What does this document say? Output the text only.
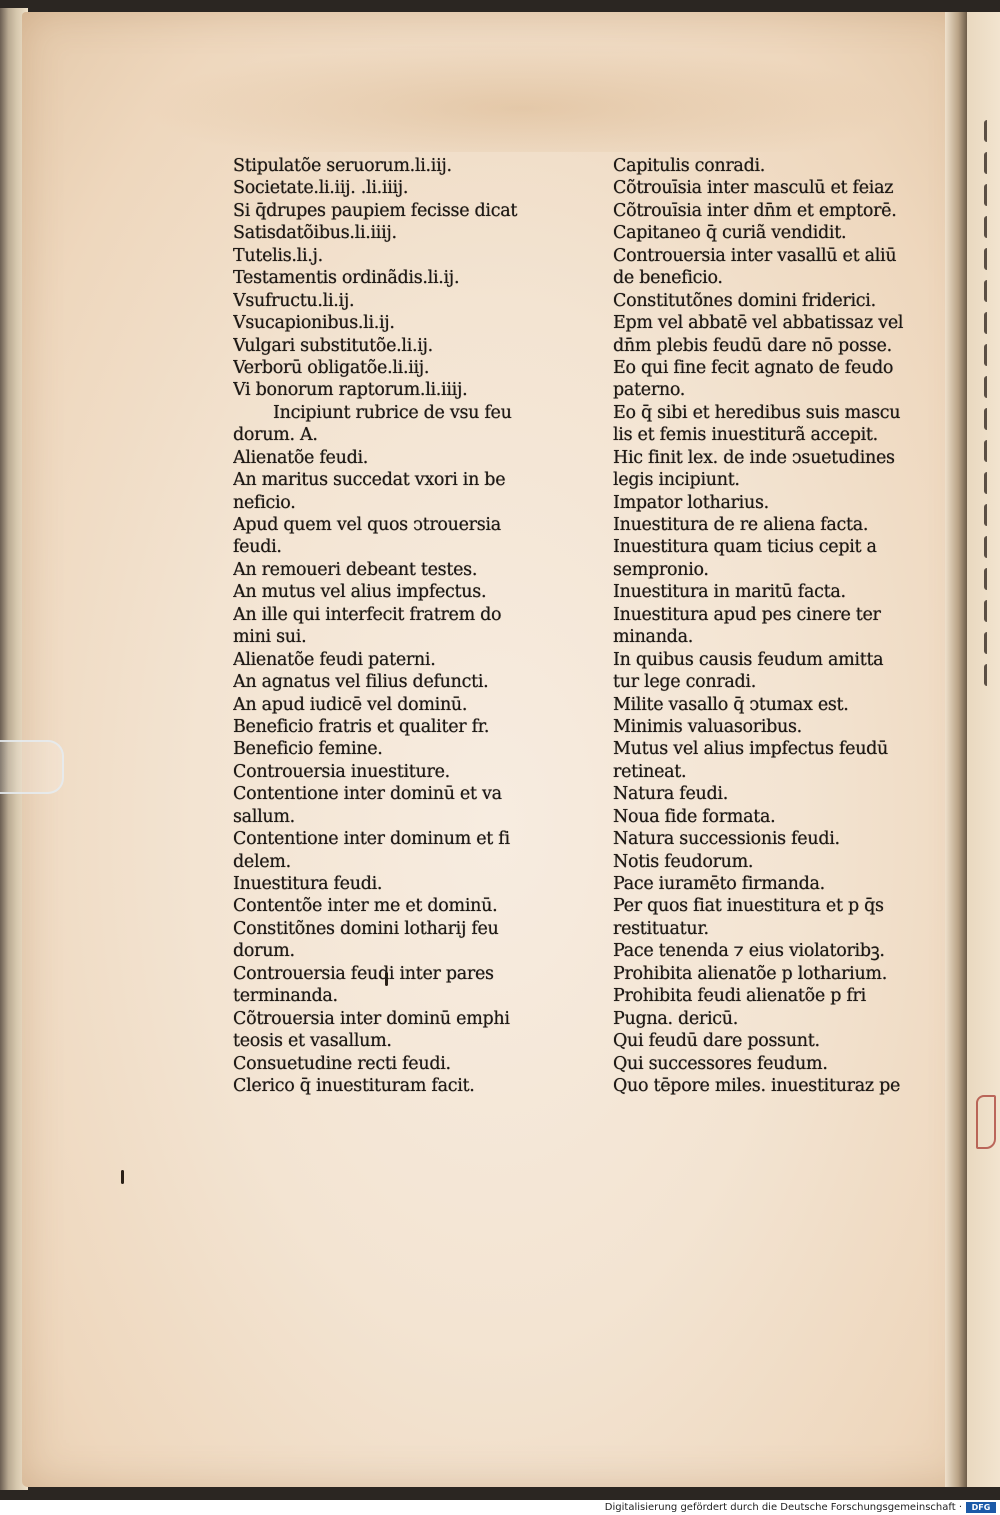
Stipulatõe seruorum.li.iij.
Societate.li.iij. .li.iiij.
Si q̄drupes paupiem fecisse dicat
Satisdatõibus.li.iiij.
Tutelis.li.j.
Testamentis ordinãdis.li.ij.
Vsufructu.li.ij.
Vsucapionibus.li.ij.
Vulgari substitutõe.li.ij.
Verborū obligatõe.li.iij.
Vi bonorum raptorum.li.iiij.
Incipiunt rubrice de vsu feu
dorum. A.
Alienatõe feudi.
An maritus succedat vxori in be
neficio.
Apud quem vel quos ↄtrouersia
feudi.
An remoueri debeant testes.
An mutus vel alius impfectus.
An ille qui interfecit fratrem do
mini sui.
Alienatõe feudi paterni.
An agnatus vel filius defuncti.
An apud iudicē vel dominū.
Beneficio fratris et qualiter fr.
Beneficio femine.
Controuersia inuestiture.
Contentione inter dominū et va
sallum.
Contentione inter dominum et fi
delem.
Inuestitura feudi.
Contentõe inter me et dominū.
Constitõnes domini lotharij feu
dorum.
Controuersia feudi inter pares
terminanda.
Cõtrouersia inter dominū emphi
teosis et vasallum.
Consuetudine recti feudi.
Clerico q̄ inuestituram facit.
Capitulis conradi.
Cõtrouīsia inter masculū et feiaz
Cõtrouīsia inter dn̄m et emptorē.
Capitaneo q̄ curiã vendidit.
Controuersia inter vasallū et aliū
de beneficio.
Constitutõnes domini friderici.
Epm vel abbatē vel abbatissaz vel
dn̄m plebis feudū dare nō posse.
Eo qui fine fecit agnato de feudo
paterno.
Eo q̄ sibi et heredibus suis mascu
lis et femis inuestiturã accepit.
Hic finit lex. de inde ↄsuetudines
legis incipiunt.
Impator lotharius.
Inuestitura de re aliena facta.
Inuestitura quam ticius cepit a
sempronio.
Inuestitura in maritū facta.
Inuestitura apud pes cinere ter
minanda.
In quibus causis feudum amitta
tur lege conradi.
Milite vasallo q̄ ↄtumax est.
Minimis valuasoribus.
Mutus vel alius impfectus feudū
retineat.
Natura feudi.
Noua fide formata.
Natura successionis feudi.
Notis feudorum.
Pace iuramēto firmanda.
Per quos fiat inuestitura et p q̄s
restituatur.
Pace tenenda ⁊ eius violatoribꝫ.
Prohibita alienatõe p lotharium.
Prohibita feudi alienatõe p fri
Pugna. dericū.
Qui feudū dare possunt.
Qui successores feudum.
Quo tēpore miles. inuestituraz pe
Digitalisierung gefördert durch die Deutsche Forschungsgemeinschaft ·	DFG
